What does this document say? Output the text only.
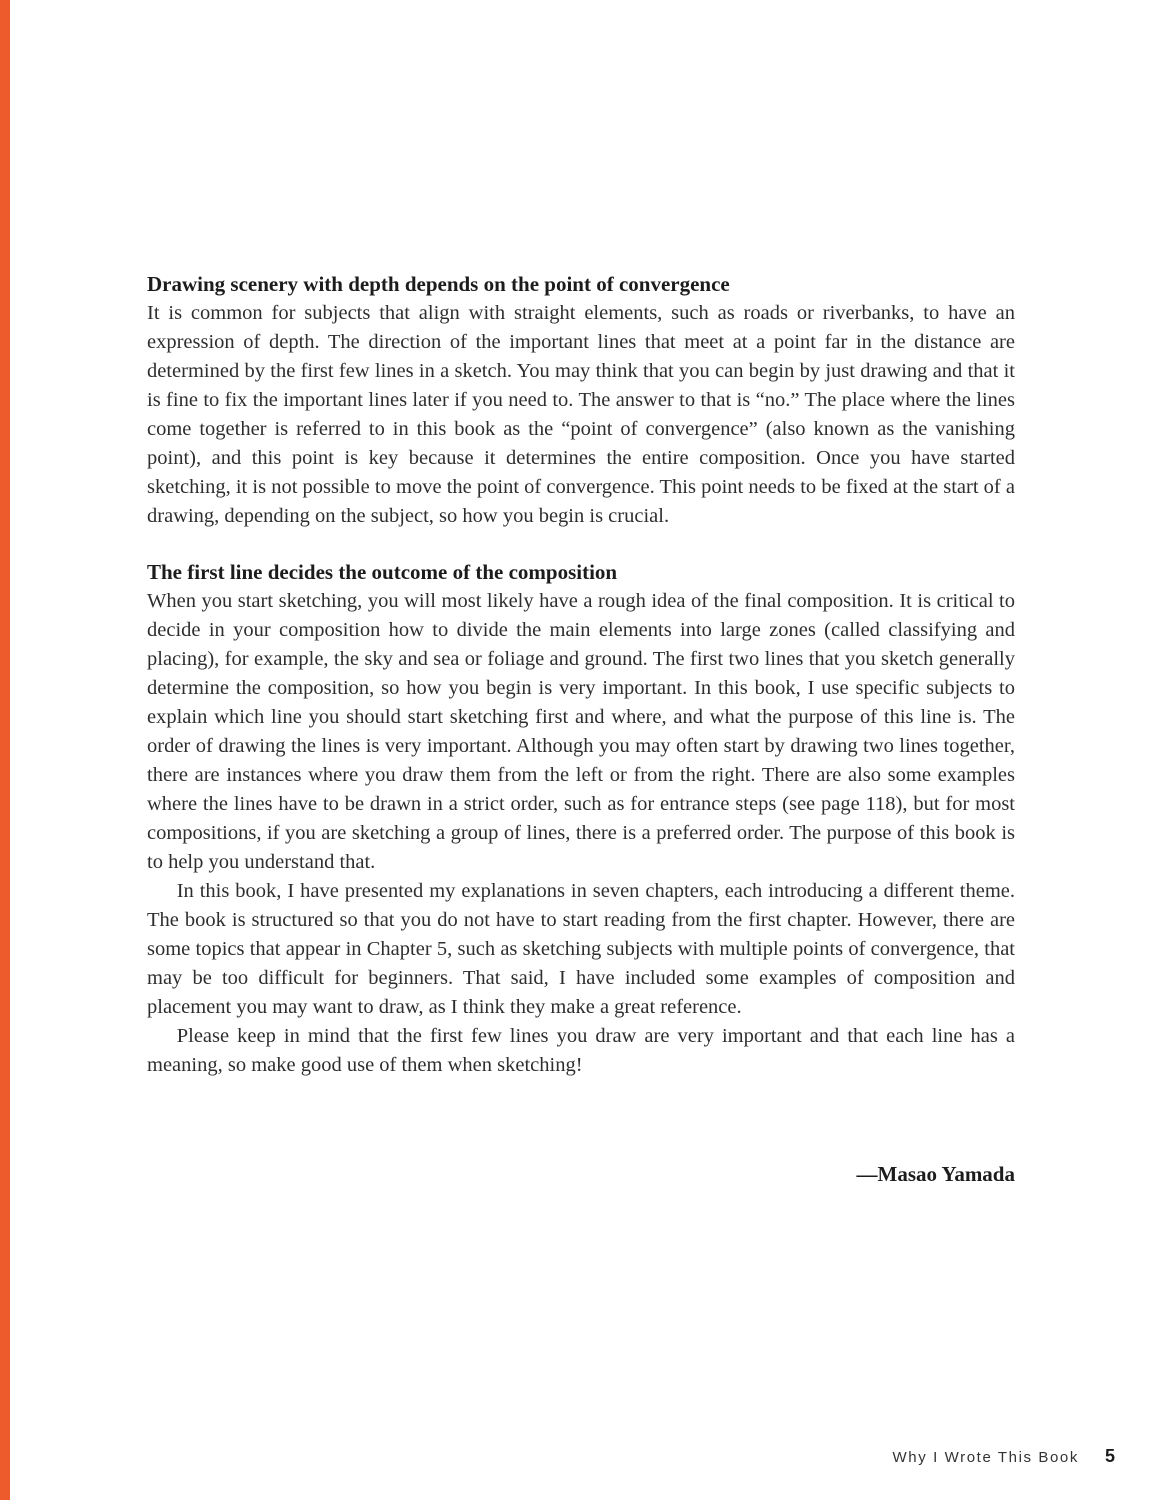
Drawing scenery with depth depends on the point of convergence

It is common for subjects that align with straight elements, such as roads or riverbanks, to have an expression of depth. The direction of the important lines that meet at a point far in the distance are determined by the first few lines in a sketch. You may think that you can begin by just drawing and that it is fine to fix the important lines later if you need to. The answer to that is “no.” The place where the lines come together is referred to in this book as the “point of convergence” (also known as the vanishing point), and this point is key because it determines the entire composition. Once you have started sketching, it is not possible to move the point of convergence. This point needs to be fixed at the start of a drawing, depending on the subject, so how you begin is crucial.

The first line decides the outcome of the composition

When you start sketching, you will most likely have a rough idea of the final composition. It is critical to decide in your composition how to divide the main elements into large zones (called classifying and placing), for example, the sky and sea or foliage and ground. The first two lines that you sketch generally determine the composition, so how you begin is very important. In this book, I use specific subjects to explain which line you should start sketching first and where, and what the purpose of this line is. The order of drawing the lines is very important. Although you may often start by drawing two lines together, there are instances where you draw them from the left or from the right. There are also some examples where the lines have to be drawn in a strict order, such as for entrance steps (see page 118), but for most compositions, if you are sketching a group of lines, there is a preferred order. The purpose of this book is to help you understand that.

In this book, I have presented my explanations in seven chapters, each introducing a different theme. The book is structured so that you do not have to start reading from the first chapter. However, there are some topics that appear in Chapter 5, such as sketching subjects with multiple points of convergence, that may be too difficult for beginners. That said, I have included some examples of composition and placement you may want to draw, as I think they make a great reference.

Please keep in mind that the first few lines you draw are very important and that each line has a meaning, so make good use of them when sketching!

—Masao Yamada
Why I Wrote This Book 5
